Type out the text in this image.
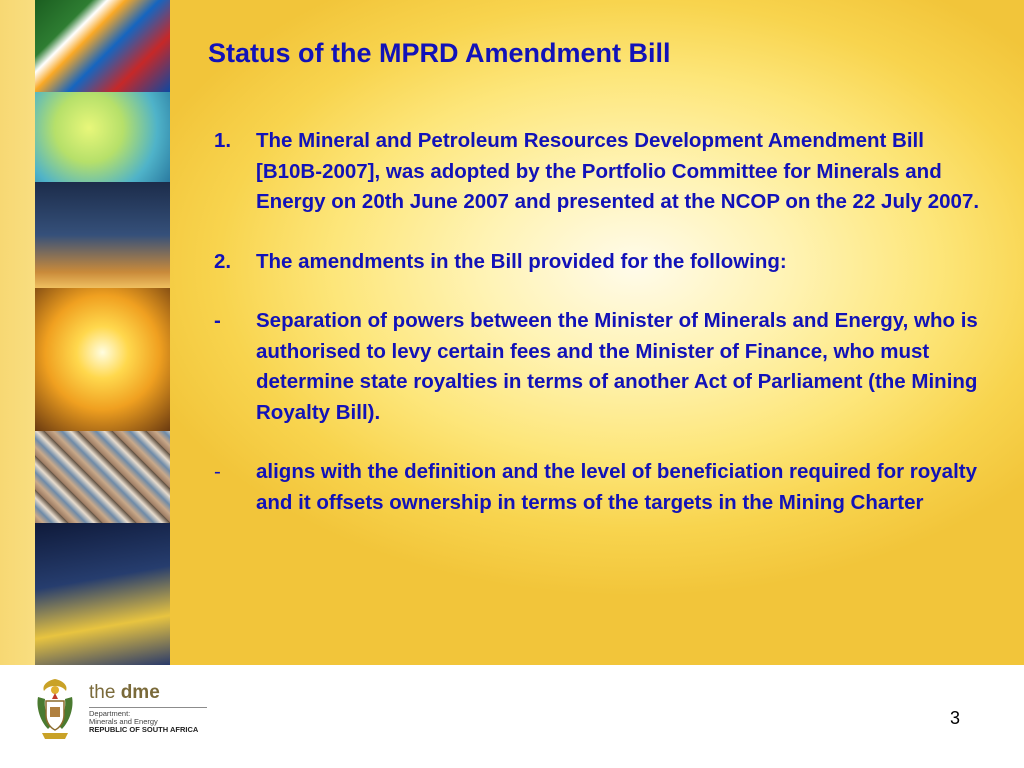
Status of the MPRD Amendment Bill
1.	The Mineral and Petroleum Resources Development Amendment Bill [B10B-2007], was adopted by the Portfolio Committee for Minerals and Energy on 20th June 2007 and presented at the NCOP on the 22 July 2007.
2.	The amendments in the Bill provided for the following:
-	Separation of powers between the Minister of Minerals and Energy, who is authorised to levy certain fees and the Minister of Finance, who must determine state royalties in terms of another Act of Parliament (the Mining Royalty Bill).
-	aligns with the definition and the level of beneficiation required for royalty and it offsets ownership in terms of the targets in the Mining Charter
the dme
Department:
Minerals and Energy
REPUBLIC OF SOUTH AFRICA
3
